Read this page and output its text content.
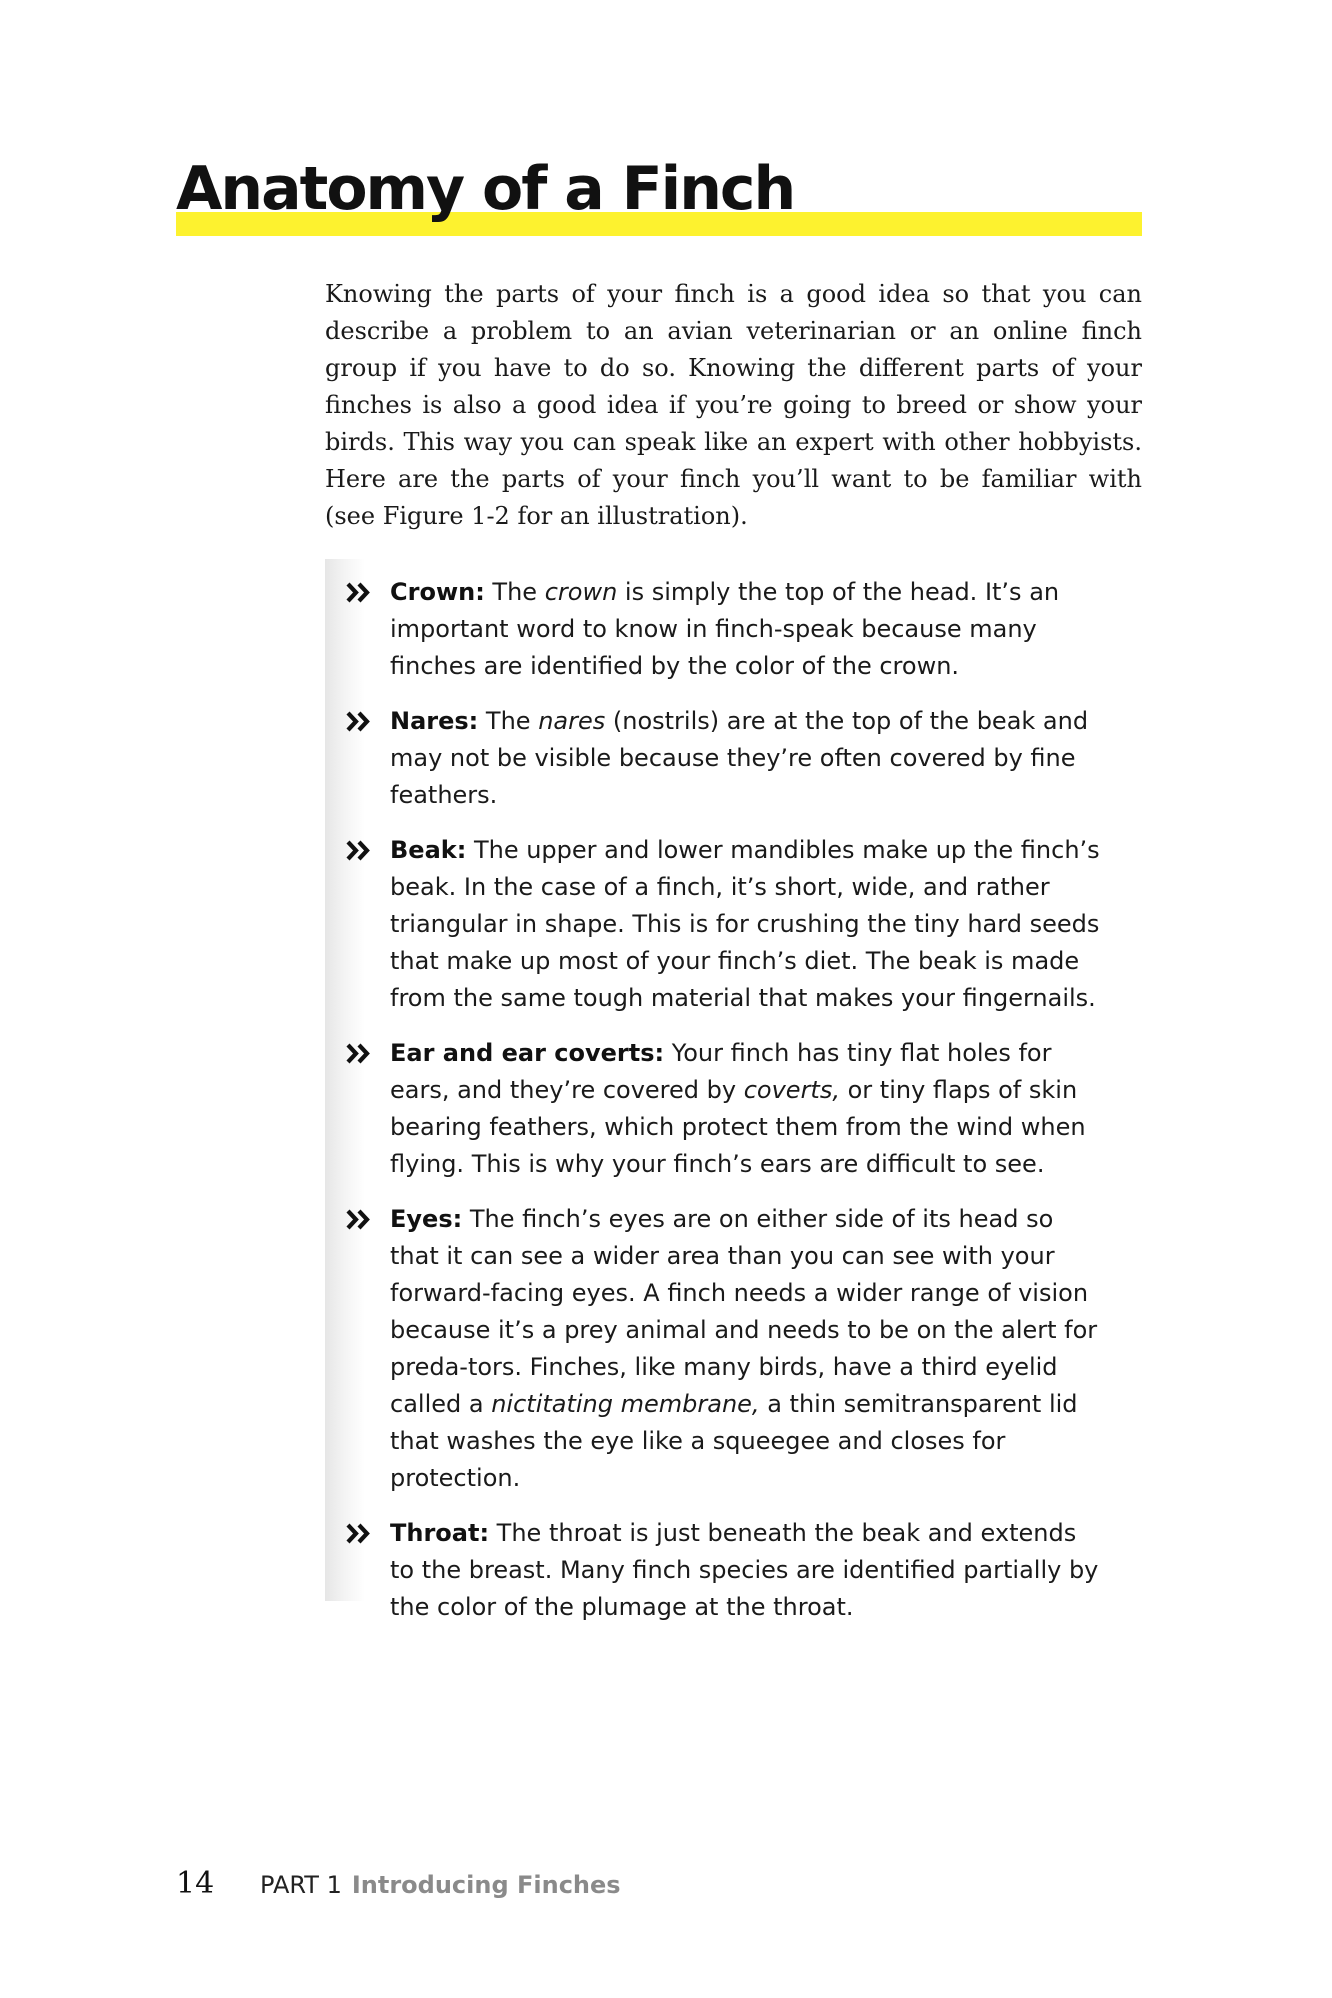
Anatomy of a Finch

Knowing the parts of your finch is a good idea so that you can describe a problem to an avian veterinarian or an online finch group if you have to do so. Knowing the different parts of your finches is also a good idea if you’re going to breed or show your birds. This way you can speak like an expert with other hobbyists. Here are the parts of your finch you’ll want to be familiar with (see Figure 1-2 for an illustration).

Crown: The crown is simply the top of the head. It’s an important word to know in finch-speak because many finches are identified by the color of the crown.
Nares: The nares (nostrils) are at the top of the beak and may not be visible because they’re often covered by fine feathers.
Beak: The upper and lower mandibles make up the finch’s beak. In the case of a finch, it’s short, wide, and rather triangular in shape. This is for crushing the tiny hard seeds that make up most of your finch’s diet. The beak is made from the same tough material that makes your fingernails.
Ear and ear coverts: Your finch has tiny flat holes for ears, and they’re covered by coverts, or tiny flaps of skin bearing feathers, which protect them from the wind when flying. This is why your finch’s ears are difficult to see.
Eyes: The finch’s eyes are on either side of its head so that it can see a wider area than you can see with your forward-facing eyes. A finch needs a wider range of vision because it’s a prey animal and needs to be on the alert for preda-tors. Finches, like many birds, have a third eyelid called a nictitating membrane, a thin semitransparent lid that washes the eye like a squeegee and closes for protection.
Throat: The throat is just beneath the beak and extends to the breast. Many finch species are identified partially by the color of the plumage at the throat.
14 PART 1 Introducing Finches
